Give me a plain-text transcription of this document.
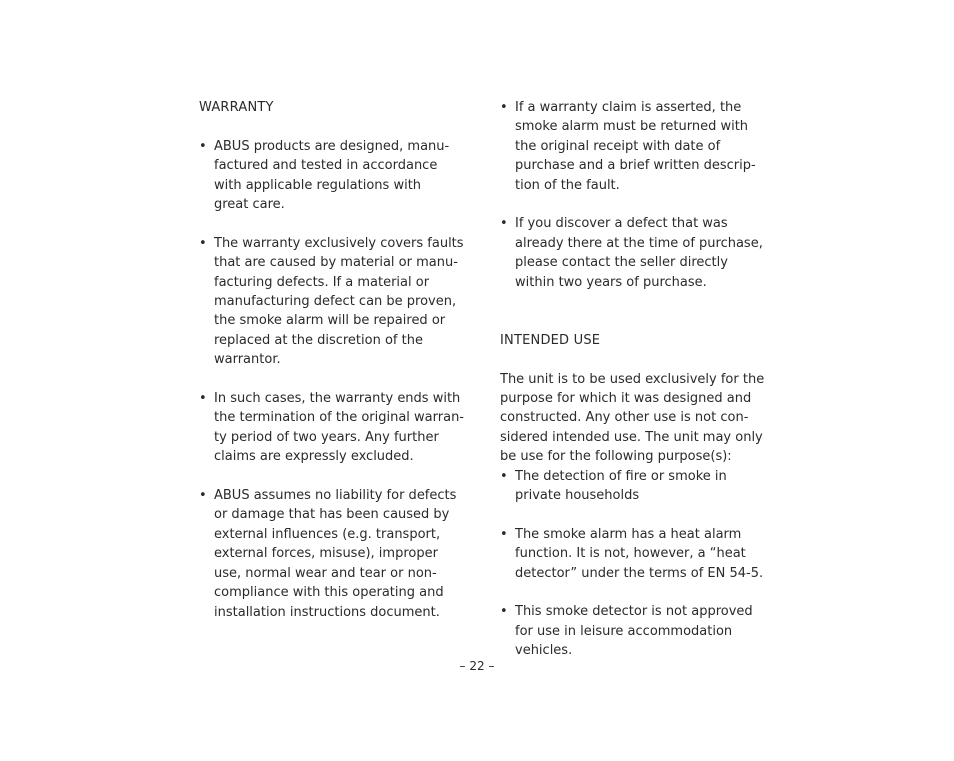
WARRANTY
• ABUS products are designed, manu-
factured and tested in accordance
with applicable regulations with
great care.
• The warranty exclusively covers faults
that are caused by material or manu-
facturing defects. If a material or
manufacturing defect can be proven,
the smoke alarm will be repaired or
replaced at the discretion of the
warrantor.
• In such cases, the warranty ends with
the termination of the original warran-
ty period of two years. Any further
claims are expressly excluded.
• ABUS assumes no liability for defects
or damage that has been caused by
external influences (e.g. transport,
external forces, misuse), improper
use, normal wear and tear or non-
compliance with this operating and
installation instructions document.
• If a warranty claim is asserted, the
smoke alarm must be returned with
the original receipt with date of
purchase and a brief written descrip-
tion of the fault.
• If you discover a defect that was
already there at the time of purchase,
please contact the seller directly
within two years of purchase.
INTENDED USE
The unit is to be used exclusively for the
purpose for which it was designed and
constructed. Any other use is not con-
sidered intended use. The unit may only
be use for the following purpose(s):
• The detection of fire or smoke in
private households
• The smoke alarm has a heat alarm
function. It is not, however, a “heat
detector” under the terms of EN 54-5.
• This smoke detector is not approved
for use in leisure accommodation
vehicles.
– 22 –
